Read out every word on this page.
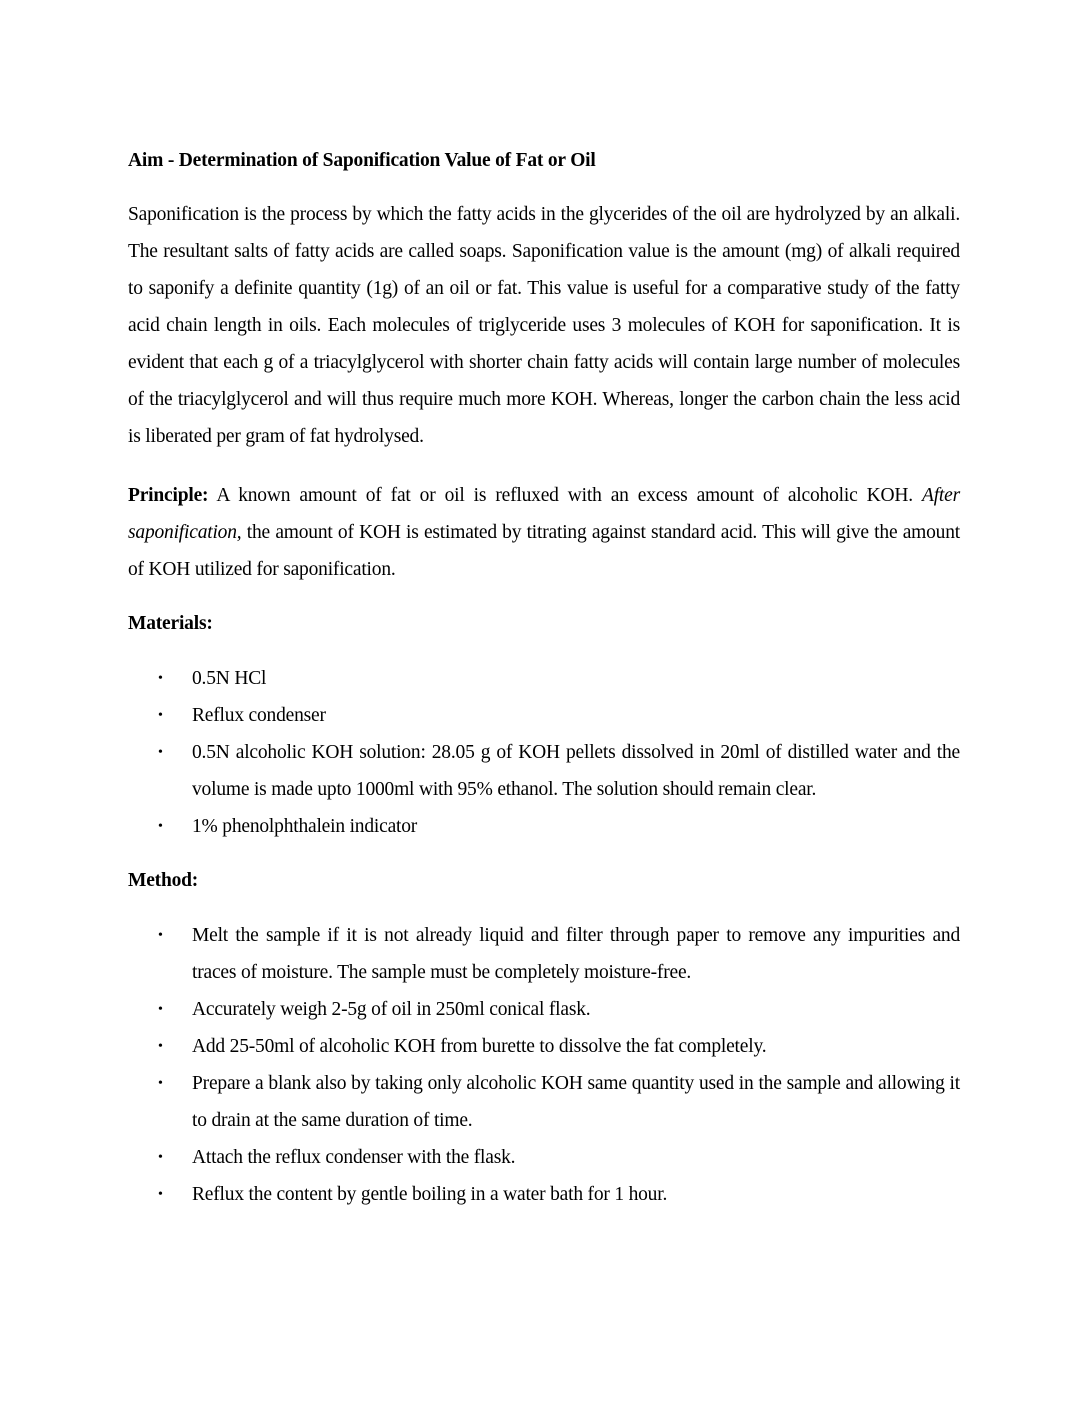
Aim - Determination of Saponification Value of Fat or Oil

Saponification is the process by which the fatty acids in the glycerides of the oil are hydrolyzed by an alkali. The resultant salts of fatty acids are called soaps. Saponification value is the amount (mg) of alkali required to saponify a definite quantity (1g) of an oil or fat. This value is useful for a comparative study of the fatty acid chain length in oils. Each molecules of triglyceride uses 3 molecules of KOH for saponification. It is evident that each g of a triacylglycerol with shorter chain fatty acids will contain large number of molecules of the triacylglycerol and will thus require much more KOH. Whereas, longer the carbon chain the less acid is liberated per gram of fat hydrolysed.

Principle: A known amount of fat or oil is refluxed with an excess amount of alcoholic KOH. After saponification, the amount of KOH is estimated by titrating against standard acid. This will give the amount of KOH utilized for saponification.

Materials:
• 0.5N HCl
• Reflux condenser
• 0.5N alcoholic KOH solution: 28.05 g of KOH pellets dissolved in 20ml of distilled water and the volume is made upto 1000ml with 95% ethanol. The solution should remain clear.
• 1% phenolphthalein indicator
Method:
• Melt the sample if it is not already liquid and filter through paper to remove any impurities and traces of moisture. The sample must be completely moisture-free.
• Accurately weigh 2-5g of oil in 250ml conical flask.
• Add 25-50ml of alcoholic KOH from burette to dissolve the fat completely.
• Prepare a blank also by taking only alcoholic KOH same quantity used in the sample and allowing it to drain at the same duration of time.
• Attach the reflux condenser with the flask.
• Reflux the content by gentle boiling in a water bath for 1 hour.
